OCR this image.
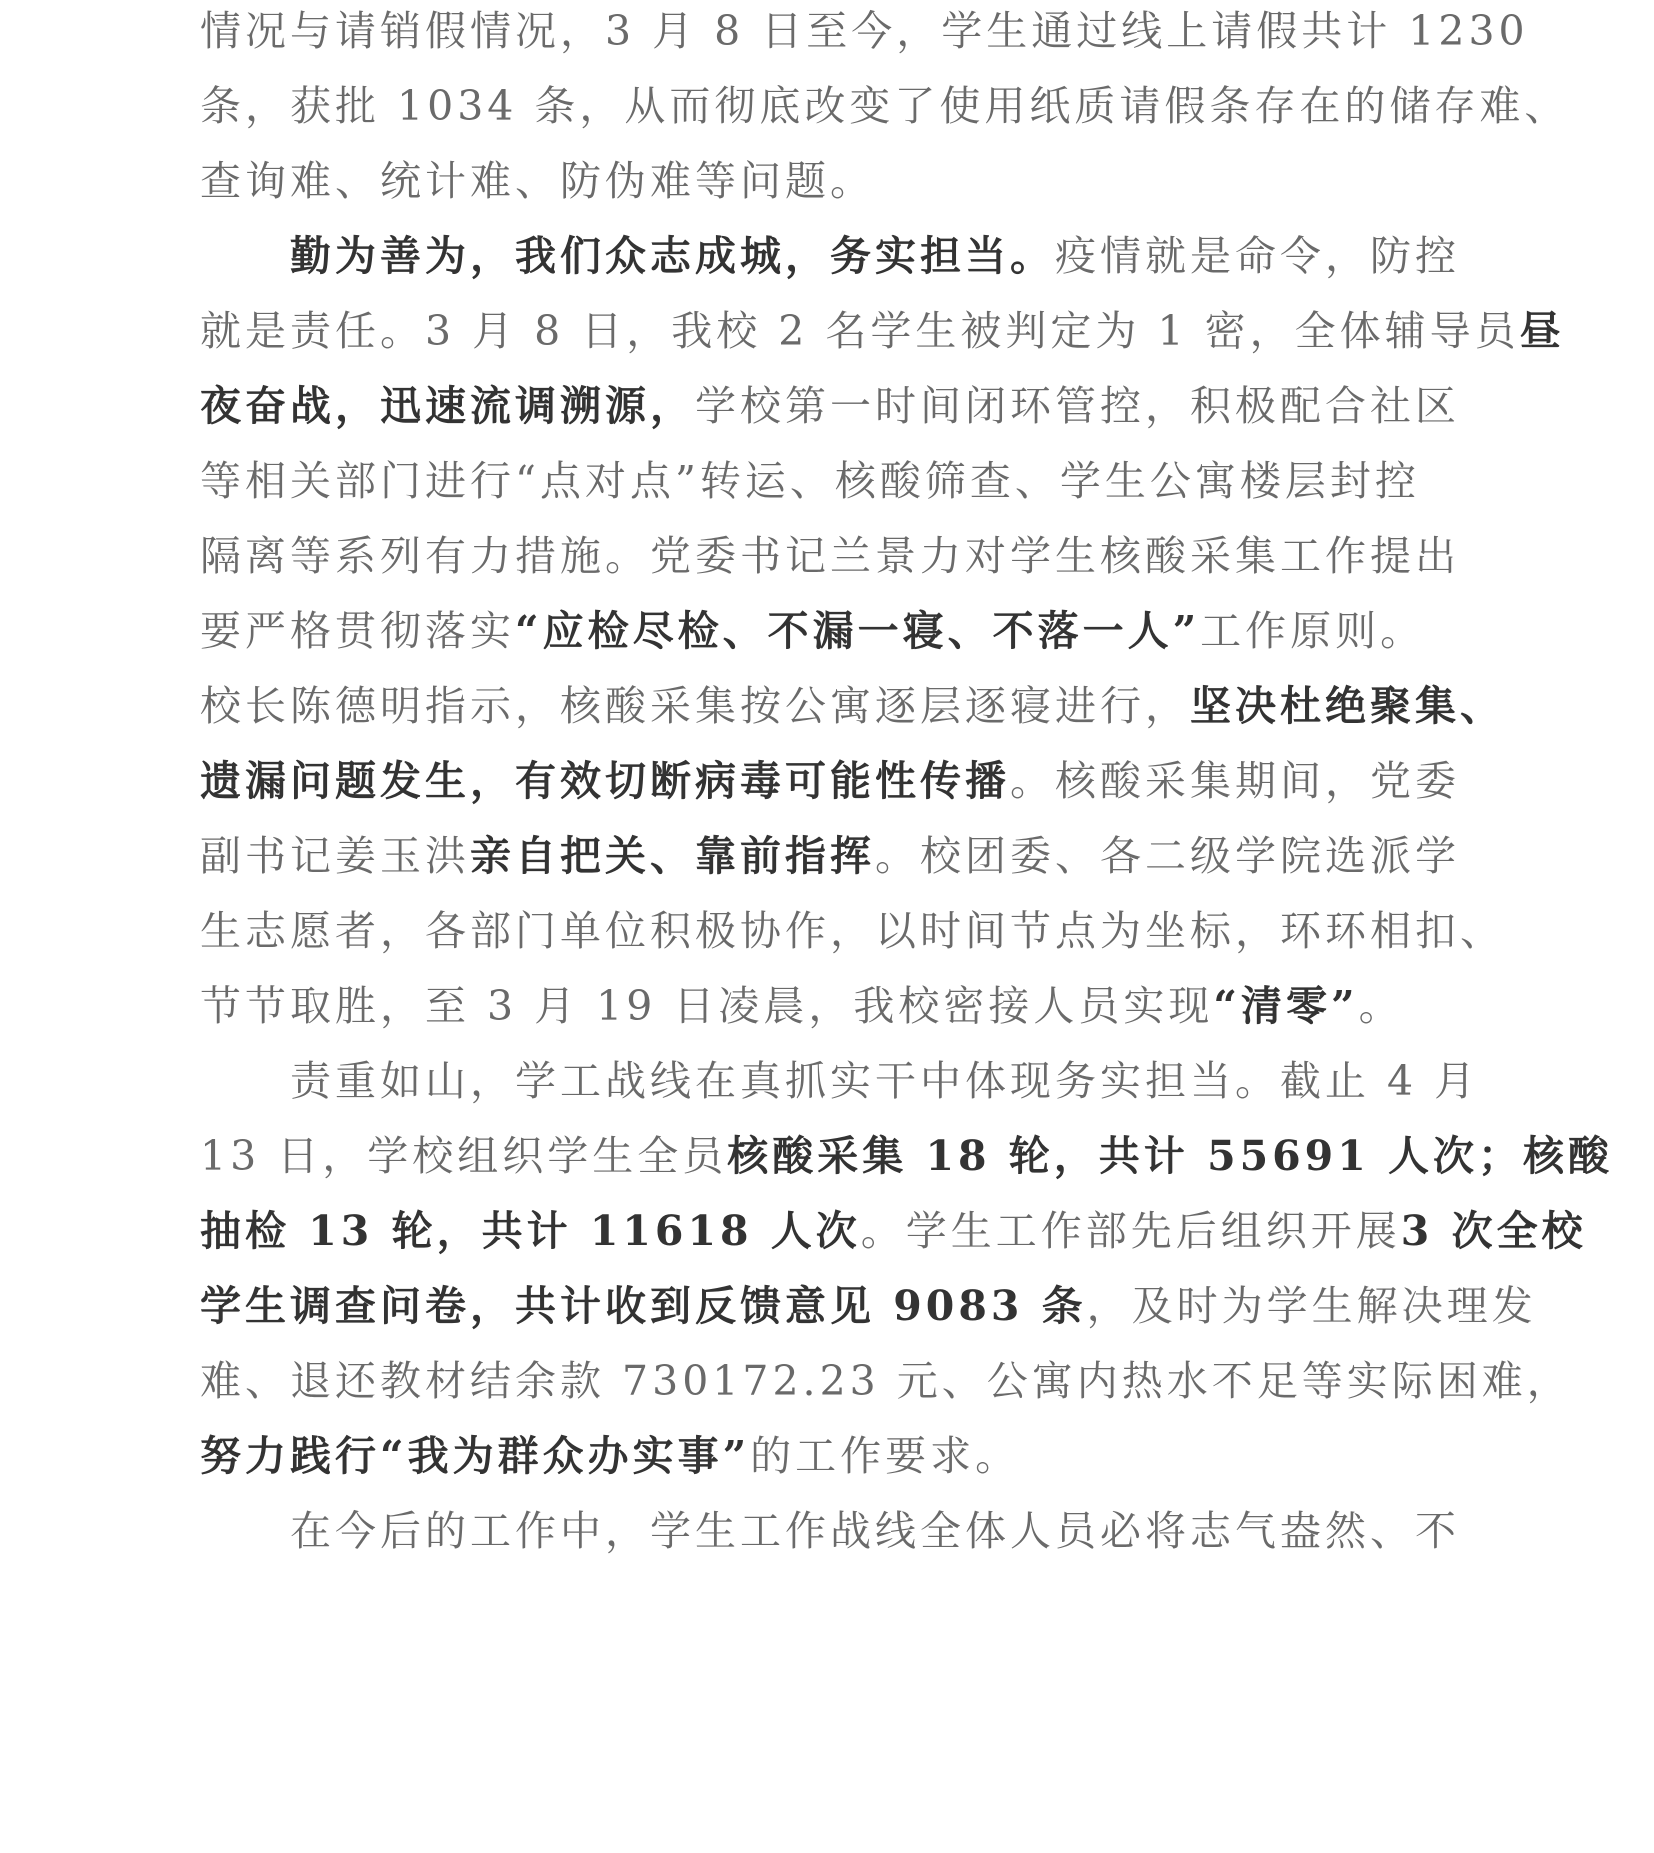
情况与请销假情况，3 月 8 日至今，学生通过线上请假共计 1230
条，获批 1034 条，从而彻底改变了使用纸质请假条存在的储存难、
查询难、统计难、防伪难等问题。
勤为善为，我们众志成城，务实担当。疫情就是命令，防控
就是责任。3 月 8 日，我校 2 名学生被判定为 1 密，全体辅导员昼
夜奋战，迅速流调溯源，学校第一时间闭环管控，积极配合社区
等相关部门进行“点对点”转运、核酸筛查、学生公寓楼层封控
隔离等系列有力措施。党委书记兰景力对学生核酸采集工作提出
要严格贯彻落实“应检尽检、不漏一寝、不落一人”工作原则。
校长陈德明指示，核酸采集按公寓逐层逐寝进行，坚决杜绝聚集、
遗漏问题发生，有效切断病毒可能性传播。核酸采集期间，党委
副书记姜玉洪亲自把关、靠前指挥。校团委、各二级学院选派学
生志愿者，各部门单位积极协作，以时间节点为坐标，环环相扣、
节节取胜，至 3 月 19 日凌晨，我校密接人员实现“清零”。
责重如山，学工战线在真抓实干中体现务实担当。截止 4 月
13 日，学校组织学生全员核酸采集 18 轮，共计 55691 人次；核酸
抽检 13 轮，共计 11618 人次。学生工作部先后组织开展3 次全校
学生调查问卷，共计收到反馈意见 9083 条，及时为学生解决理发
难、退还教材结余款 730172.23 元、公寓内热水不足等实际困难，
努力践行“我为群众办实事”的工作要求。
在今后的工作中，学生工作战线全体人员必将志气盎然、不
